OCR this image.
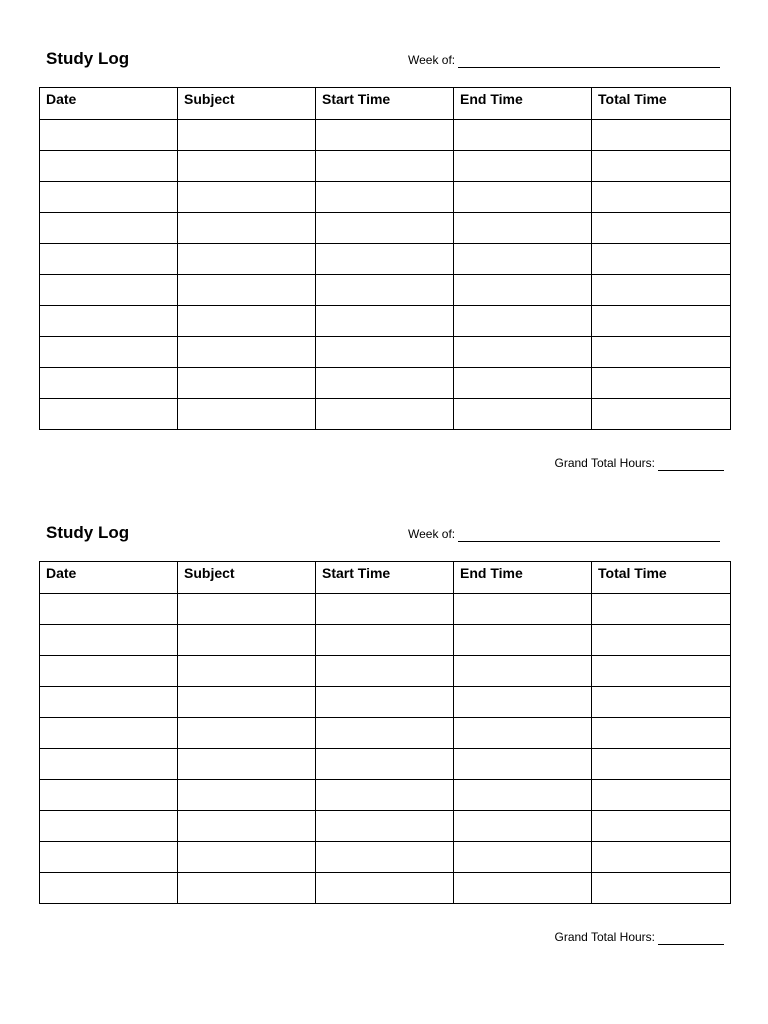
Study Log	Week of:
Date	Subject	Start Time	End Time	Total Time

Grand Total Hours:
Study Log	Week of:
Date	Subject	Start Time	End Time	Total Time

Grand Total Hours:
